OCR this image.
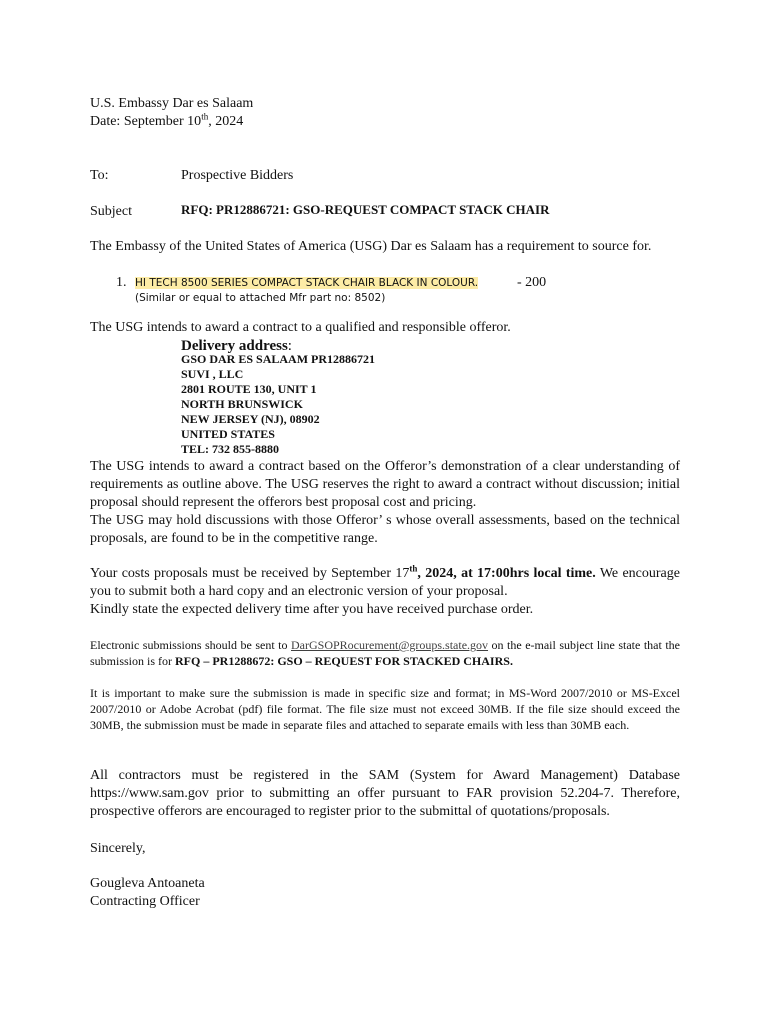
U.S. Embassy Dar es Salaam
Date: September 10th, 2024
To:	Prospective Bidders
Subject	RFQ: PR12886721: GSO-REQUEST COMPACT STACK CHAIR
The Embassy of the United States of America (USG) Dar es Salaam has a requirement to source for.
1. HI TECH 8500 SERIES COMPACT STACK CHAIR BLACK IN COLOUR.	- 200
(Similar or equal to attached Mfr part no: 8502)
The USG intends to award a contract to a qualified and responsible offeror.
Delivery address:
GSO DAR ES SALAAM PR12886721
SUVI , LLC
2801 ROUTE 130, UNIT 1
NORTH BRUNSWICK
NEW JERSEY (NJ), 08902
UNITED STATES
TEL: 732 855-8880
The USG intends to award a contract based on the Offeror’s demonstration of a clear understanding of requirements as outline above. The USG reserves the right to award a contract without discussion; initial proposal should represent the offerors best proposal cost and pricing.
The USG may hold discussions with those Offeror’ s whose overall assessments, based on the technical proposals, are found to be in the competitive range.
Your costs proposals must be received by September 17th, 2024, at 17:00hrs local time. We encourage you to submit both a hard copy and an electronic version of your proposal.
Kindly state the expected delivery time after you have received purchase order.
Electronic submissions should be sent to DarGSOPRocurement@groups.state.gov on the e-mail subject line state that the submission is for RFQ – PR1288672: GSO – REQUEST FOR STACKED CHAIRS.
It is important to make sure the submission is made in specific size and format; in MS-Word 2007/2010 or MS-Excel 2007/2010 or Adobe Acrobat (pdf) file format. The file size must not exceed 30MB. If the file size should exceed the 30MB, the submission must be made in separate files and attached to separate emails with less than 30MB each.
All contractors must be registered in the SAM (System for Award Management) Database https://www.sam.gov prior to submitting an offer pursuant to FAR provision 52.204-7. Therefore, prospective offerors are encouraged to register prior to the submittal of quotations/proposals.
Sincerely,
Gougleva Antoaneta
Contracting Officer
